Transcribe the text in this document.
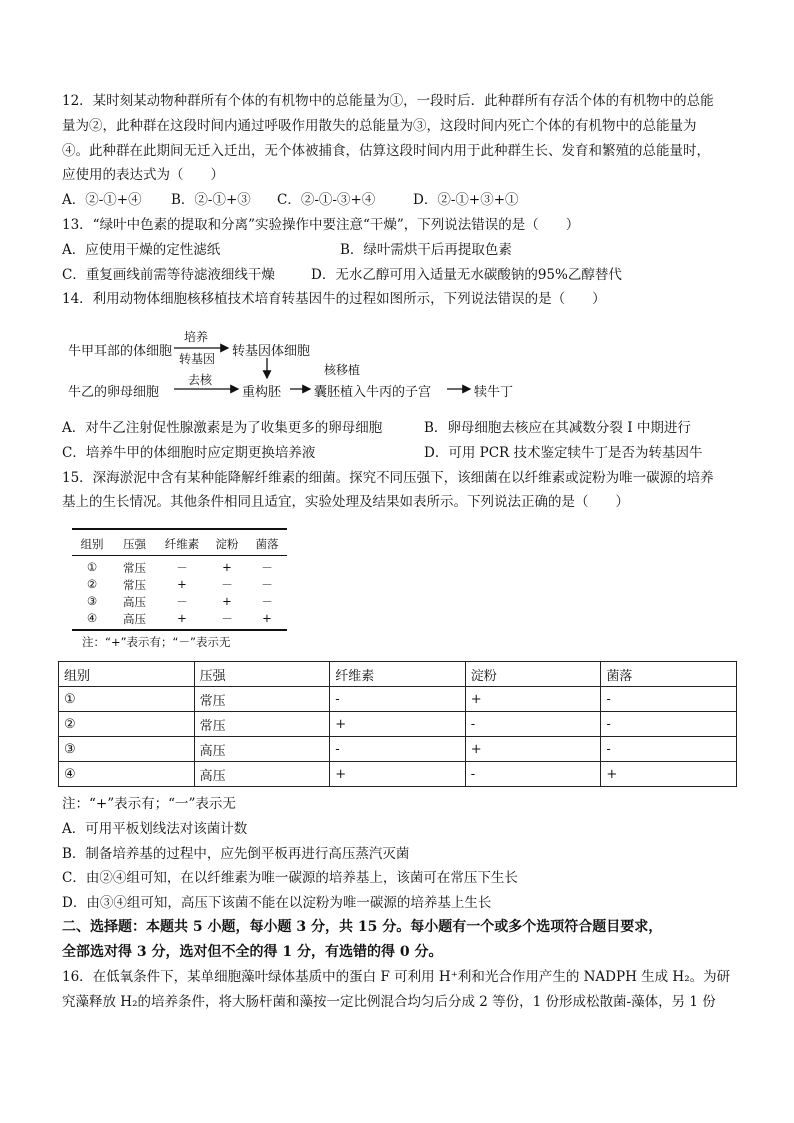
12．某时刻某动物种群所有个体的有机物中的总能量为①，一段时后．此种群所有存活个体的有机物中的总能
量为②，此种群在这段时间内通过呼吸作用散失的总能量为③，这段时间内死亡个体的有机物中的总能量为
④。此种群在此期间无迁入迁出，无个体被捕食，估算这段时间内用于此种群生长、发育和繁殖的总能量时，
应使用的表达式为（　　）
A．②-①+④ B．②-①+③ C．②-①-③+④	D．②-①+③+①
13．“绿叶中色素的提取和分离”实验操作中要注意“干燥”，下列说法错误的是（　　）
A．应使用干燥的定性滤纸	B．绿叶需烘干后再提取色素
C．重复画线前需等待滤液细线干燥	D．无水乙醇可用入适量无水碳酸钠的95%乙醇替代
14．利用动物体细胞核移植技术培育转基因牛的过程如图所示，下列说法错误的是（　　）
牛甲耳部的体细胞
培养
转基因 转基因体细胞
核移植
牛乙的卵母细胞
去核
重构胚	囊胚植入牛丙的子宫	犊牛丁
A．对牛乙注射促性腺激素是为了收集更多的卵母细胞	B．卵母细胞去核应在其减数分裂 I 中期进行
C．培养牛甲的体细胞时应定期更换培养液	D．可用 PCR 技术鉴定犊牛丁是否为转基因牛
15．深海淤泥中含有某种能降解纤维素的细菌。探究不同压强下，该细菌在以纤维素或淀粉为唯一碳源的培养
基上的生长情况。其他条件相同且适宜，实验处理及结果如表所示。下列说法正确的是（　　）
组别	压强	纤维素	淀粉	菌落
①	常压	－	+	－
②	常压	+	－	－
③	高压	－	+	－
④	高压	+	－	+
注：“+”表示有；“－”表示无
组别	压强	纤维素	淀粉	菌落
①	常压	-	+	-
②	常压	+	-	-
③	高压	-	+	-
④	高压	+	-	+
注：“+”表示有；“一”表示无
A．可用平板划线法对该菌计数
B．制备培养基的过程中，应先倒平板再进行高压蒸汽灭菌
C．由②④组可知，在以纤维素为唯一碳源的培养基上，该菌可在常压下生长
D．由③④组可知，高压下该菌不能在以淀粉为唯一碳源的培养基上生长
二、选择题：本题共 5 小题，每小题 3 分，共 15 分。每小题有一个或多个选项符合题目要求，
全部选对得 3 分，选对但不全的得 1 分，有选错的得 0 分。
16．在低氧条件下，某单细胞藻叶绿体基质中的蛋白 F 可利用 H⁺利和光合作用产生的 NADPH 生成 H₂。为研
究藻释放 H₂的培养条件，将大肠杆菌和藻按一定比例混合均匀后分成 2 等份，1 份形成松散菌-藻体，另 1 份
